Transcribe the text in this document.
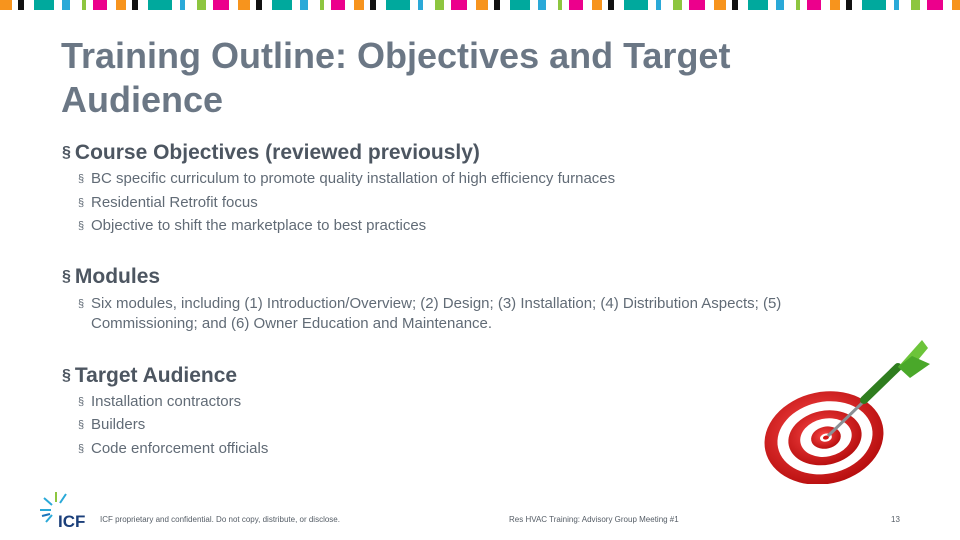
Training Outline: Objectives and Target Audience
§ Course Objectives (reviewed previously)
§ BC specific curriculum to promote quality installation of high efficiency furnaces
§ Residential Retrofit focus
§ Objective to shift the marketplace to best practices
§ Modules
§ Six modules, including (1) Introduction/Overview; (2) Design; (3) Installation; (4) Distribution Aspects; (5) Commissioning; and (6) Owner Education and Maintenance.
§ Target Audience
§ Installation contractors
§ Builders
§ Code enforcement officials
ICF ICF proprietary and confidential. Do not copy, distribute, or disclose.	Res HVAC Training: Advisory Group Meeting #1	13
